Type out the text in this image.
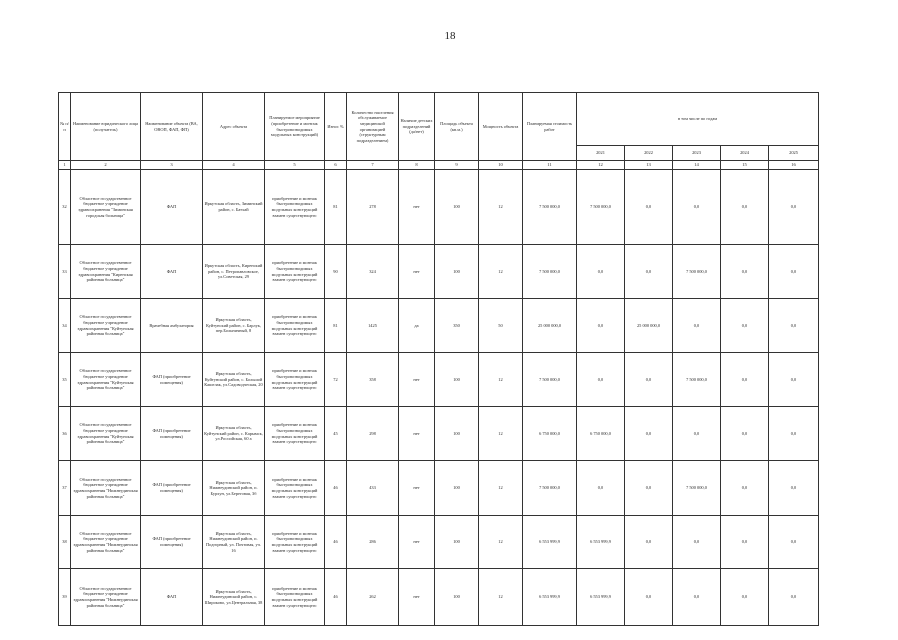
18
№ п/п	Наименование юридического лица (получатель)	Наименование объекта (ВА, ОВОП, ФАП, ФП)	Адрес объекта	Планируемое мероприятие (приобретение и монтаж быстровозводимых модульных конструкций)	Износ %	Количество населения обслуживаемое медицинской организацией (структурным подразделением)	Наличие детских подразделений (да/нет)	Площадь объекта (кв.м.)	Мощность объекта	Планируемая стоимость работ	в том числе по годам				
											2021	2022	2023	2024	2025
1	2	3	4	5	6	7	8	9	10	11	12	13	14	15	16
32	Областное государственное бюджетное учреждение здравоохранения "Зиминская городская больница"	ФАП	Иркутская область, Зиминский район, с. Батхай	приобретение и монтаж быстровозводимых модульных конструкций взамен существующего	81	278	нет	100	12	7 500 000,0	7 500 000,0	0,0	0,0	0,0	0,0
33	Областное государственное бюджетное учреждение здравоохранения "Киренская районная больница"	ФАП	Иркутская область, Киренский район, с. Петропавловское, ул.Советская, 29	приобретение и монтаж быстровозводимых модульных конструкций взамен существующего	90	324	нет	100	12	7 500 000,0	0,0	0,0	7 500 000,0	0,0	0,0
34	Областное государственное бюджетное учреждение здравоохранения "Куйтунская районная больница"	Врачебная амбулатория	Иркутская область, Куйтунский район, с. Барлук, пер.Больничный, 8	приобретение и монтаж быстровозводимых модульных конструкций взамен существующего	81	1425	да	350	50	25 000 000,0	0,0	25 000 000,0	0,0	0,0	0,0
35	Областное государственное бюджетное учреждение здравоохранения "Куйтунская районная больница"	ФАП (приобретение помещения)	Иркутская область, Куйтунский район, с. Большой Кашелак, ул.Садоводческая, 20	приобретение и монтаж быстровозводимых модульных конструкций взамен существующего	72	358	нет	100	12	7 500 000,0	0,0	0,0	7 500 000,0	0,0	0,0
36	Областное государственное бюджетное учреждение здравоохранения "Куйтунская районная больница"	ФАП (приобретение помещения)	Иркутская область, Куйтунский район, с. Карымск, ул.Российская, 60 а	приобретение и монтаж быстровозводимых модульных конструкций взамен существующего	45	298	нет	100	12	6 750 000,0	6 750 000,0	0,0	0,0	0,0	0,0
37	Областное государственное бюджетное учреждение здравоохранения "Нижнеудинская районная больница"	ФАП (приобретение помещения)	Иркутская область, Нижнеудинский район, п. Бурхун, ул.Береговая, 3б	приобретение и монтаж быстровозводимых модульных конструкций взамен существующего	46	433	нет	100	12	7 500 000,0	0,0	0,0	7 500 000,0	0,0	0,0
38	Областное государственное бюджетное учреждение здравоохранения "Нижнеудинская районная больница"	ФАП (приобретение помещения)	Иркутская область, Нижнеудинский район, п. Подгорный, ул. Почтовая, уч. 16	приобретение и монтаж быстровозводимых модульных конструкций взамен существующего	46	286	нет	100	12	6 553 999,9	6 553 999,9	0,0	0,0	0,0	0,0
39	Областное государственное бюджетное учреждение здравоохранения "Нижнеудинская районная больница"	ФАП	Иркутская область, Нижнеудинский район, с. Широково, ул.Центральная, 38	приобретение и монтаж быстровозводимых модульных конструкций взамен существующего	46	262	нет	100	12	6 553 999,9	6 553 999,9	0,0	0,0	0,0	0,0
